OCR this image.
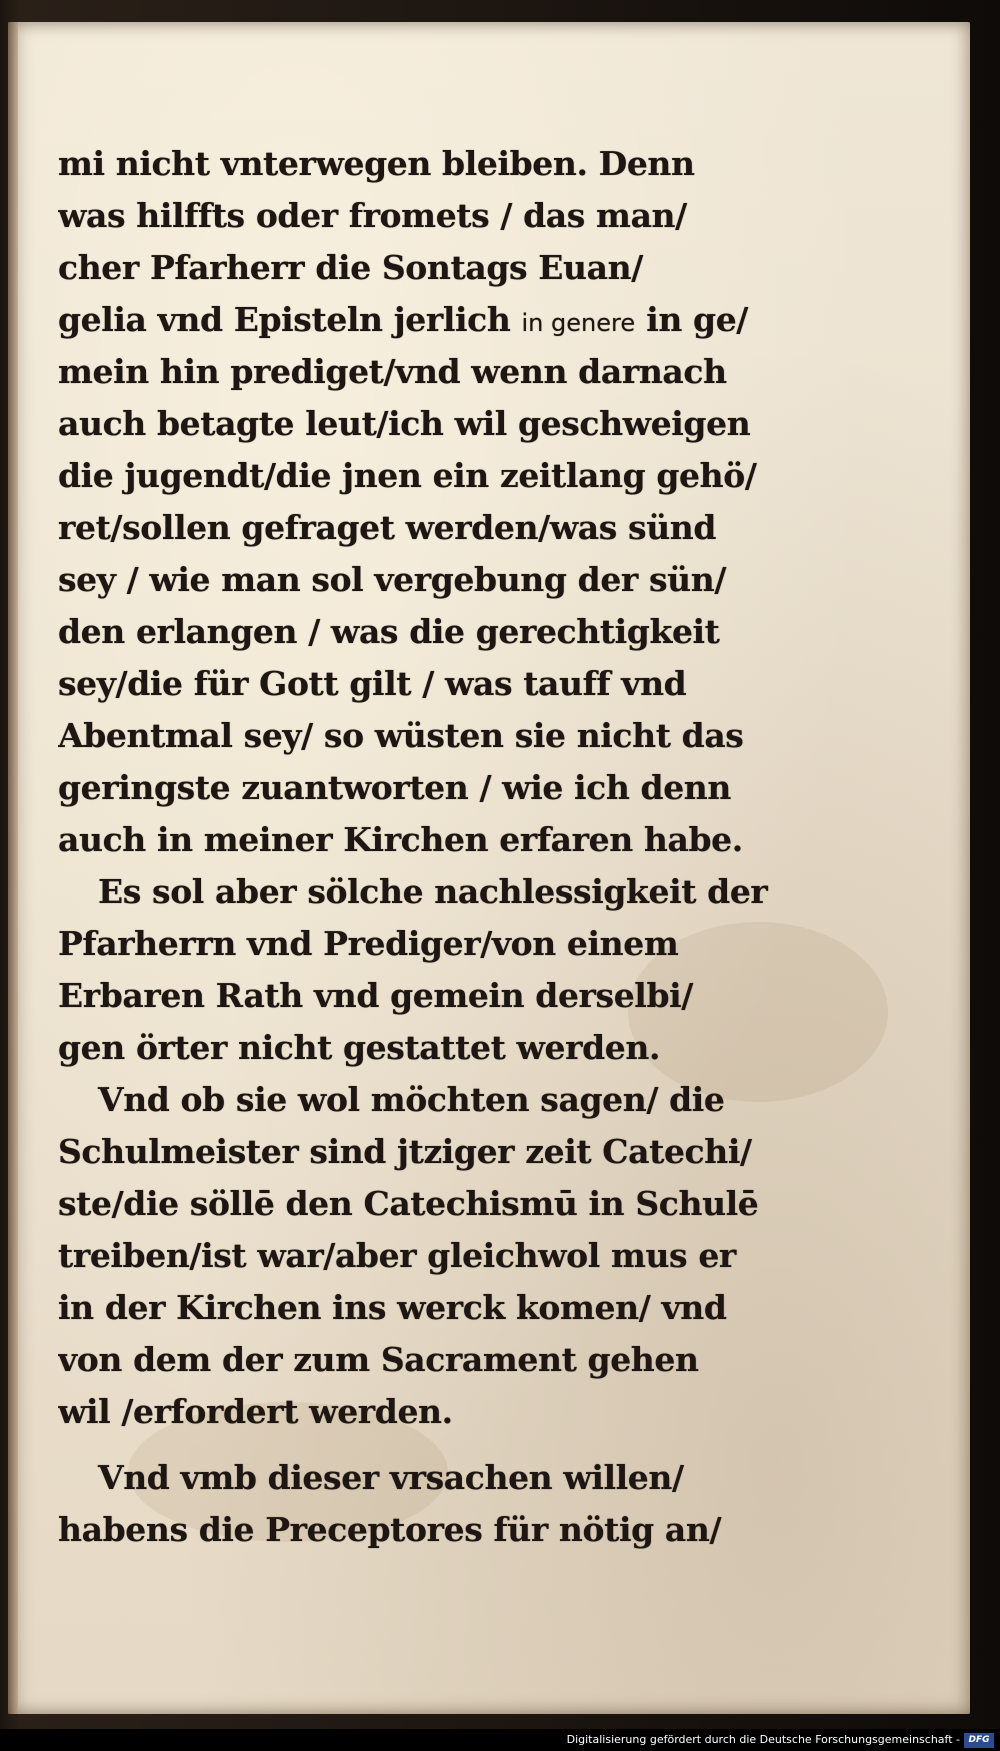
mi nicht vnterwegen bleiben. Denn
was hilffts oder fromets / das man/
cher Pfarherr die Sontags Euan/
gelia vnd Episteln jerlich in genere in ge/
mein hin prediget/vnd wenn darnach
auch betagte leut/ich wil geschweigen
die jugendt/die jnen ein zeitlang gehö/
ret/sollen gefraget werden/was sünd
sey / wie man sol vergebung der sün/
den erlangen / was die gerechtigkeit
sey/die für Gott gilt / was tauff vnd
Abentmal sey/ so wüsten sie nicht das
geringste zuantworten / wie ich denn
auch in meiner Kirchen erfaren habe.
Es sol aber sölche nachlessigkeit der
Pfarherrn vnd Prediger/von einem
Erbaren Rath vnd gemein derselbi/
gen örter nicht gestattet werden.
Vnd ob sie wol möchten sagen/ die
Schulmeister sind jtziger zeit Catechi/
ste/die söllē den Catechismū in Schulē
treiben/ist war/aber gleichwol mus er
in der Kirchen ins werck komen/ vnd
von dem der zum Sacrament gehen
wil /erfordert werden.
Vnd vmb dieser vrsachen willen/
habens die Preceptores für nötig an/
Digitalisierung gefördert durch die Deutsche Forschungsgemeinschaft - DFG
